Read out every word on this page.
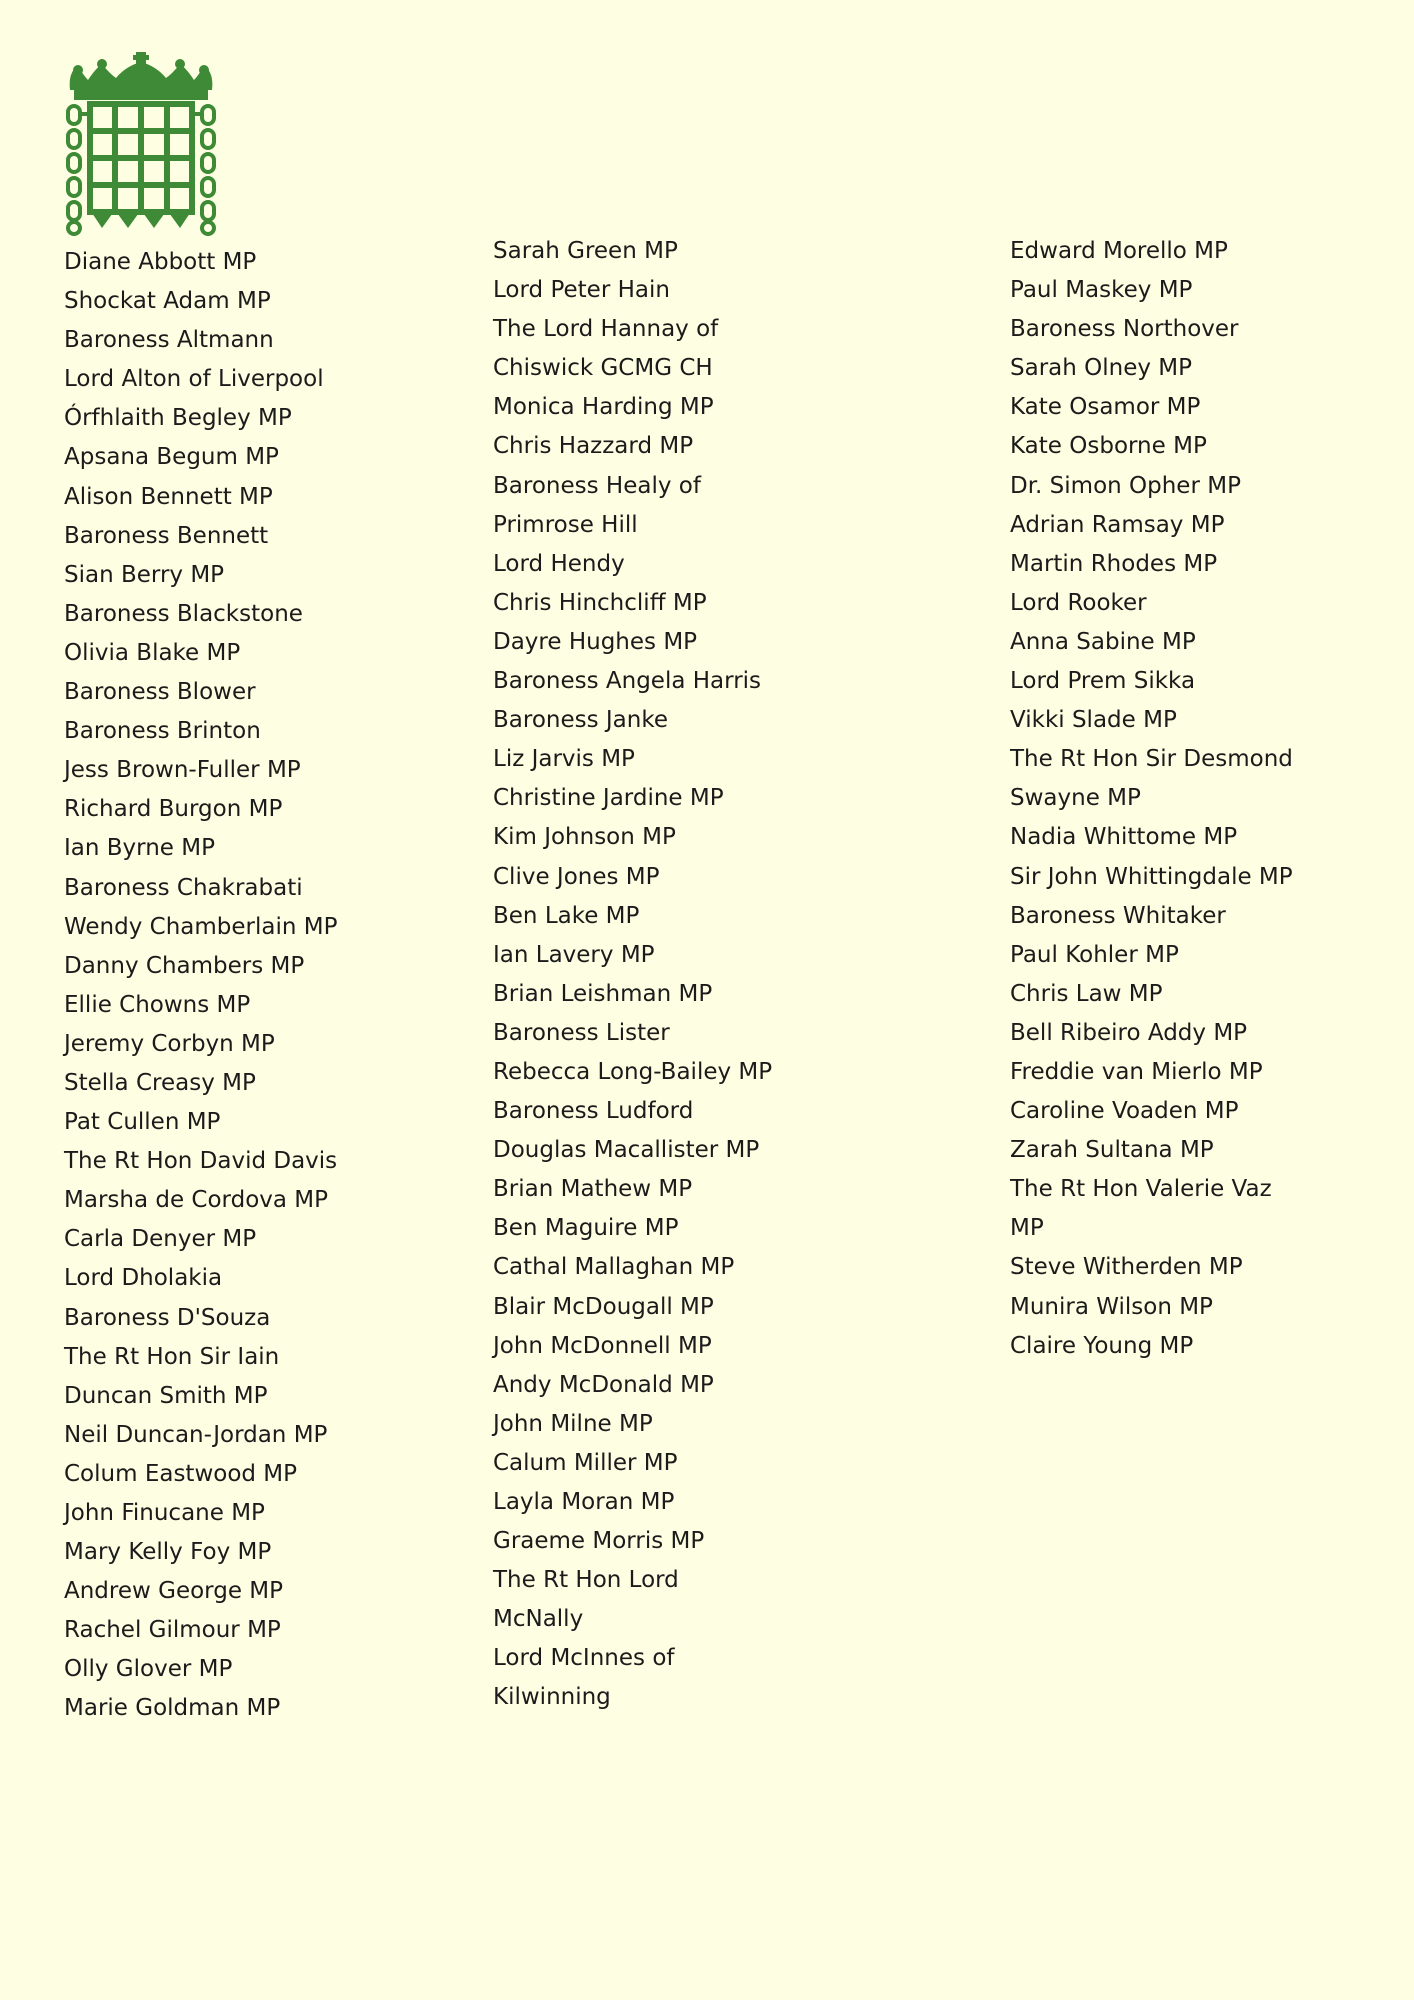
Diane Abbott MP
Shockat Adam MP
Baroness Altmann
Lord Alton of Liverpool
Órfhlaith Begley MP
Apsana Begum MP
Alison Bennett MP
Baroness Bennett
Sian Berry MP
Baroness Blackstone
Olivia Blake MP
Baroness Blower
Baroness Brinton
Jess Brown-Fuller MP
Richard Burgon MP
Ian Byrne MP
Baroness Chakrabati
Wendy Chamberlain MP
Danny Chambers MP
Ellie Chowns MP
Jeremy Corbyn MP
Stella Creasy MP
Pat Cullen MP
The Rt Hon David Davis
Marsha de Cordova MP
Carla Denyer MP
Lord Dholakia
Baroness D'Souza
The Rt Hon Sir Iain
Duncan Smith MP
Neil Duncan-Jordan MP
Colum Eastwood MP
John Finucane MP
Mary Kelly Foy MP
Andrew George MP
Rachel Gilmour MP
Olly Glover MP
Marie Goldman MP
Sarah Green MP
Lord Peter Hain
The Lord Hannay of
Chiswick GCMG CH
Monica Harding MP
Chris Hazzard MP
Baroness Healy of
Primrose Hill
Lord Hendy
Chris Hinchcliff MP
Dayre Hughes MP
Baroness Angela Harris
Baroness Janke
Liz Jarvis MP
Christine Jardine MP
Kim Johnson MP
Clive Jones MP
Ben Lake MP
Ian Lavery MP
Brian Leishman MP
Baroness Lister
Rebecca Long-Bailey MP
Baroness Ludford
Douglas Macallister MP
Brian Mathew MP
Ben Maguire MP
Cathal Mallaghan MP
Blair McDougall MP
John McDonnell MP
Andy McDonald MP
John Milne MP
Calum Miller MP
Layla Moran MP
Graeme Morris MP
The Rt Hon Lord
McNally
Lord McInnes of
Kilwinning
Edward Morello MP
Paul Maskey MP
Baroness Northover
Sarah Olney MP
Kate Osamor MP
Kate Osborne MP
Dr. Simon Opher MP
Adrian Ramsay MP
Martin Rhodes MP
Lord Rooker
Anna Sabine MP
Lord Prem Sikka
Vikki Slade MP
The Rt Hon Sir Desmond
Swayne MP
Nadia Whittome MP
Sir John Whittingdale MP
Baroness Whitaker
Paul Kohler MP
Chris Law MP
Bell Ribeiro Addy MP
Freddie van Mierlo MP
Caroline Voaden MP
Zarah Sultana MP
The Rt Hon Valerie Vaz
MP
Steve Witherden MP
Munira Wilson MP
Claire Young MP
